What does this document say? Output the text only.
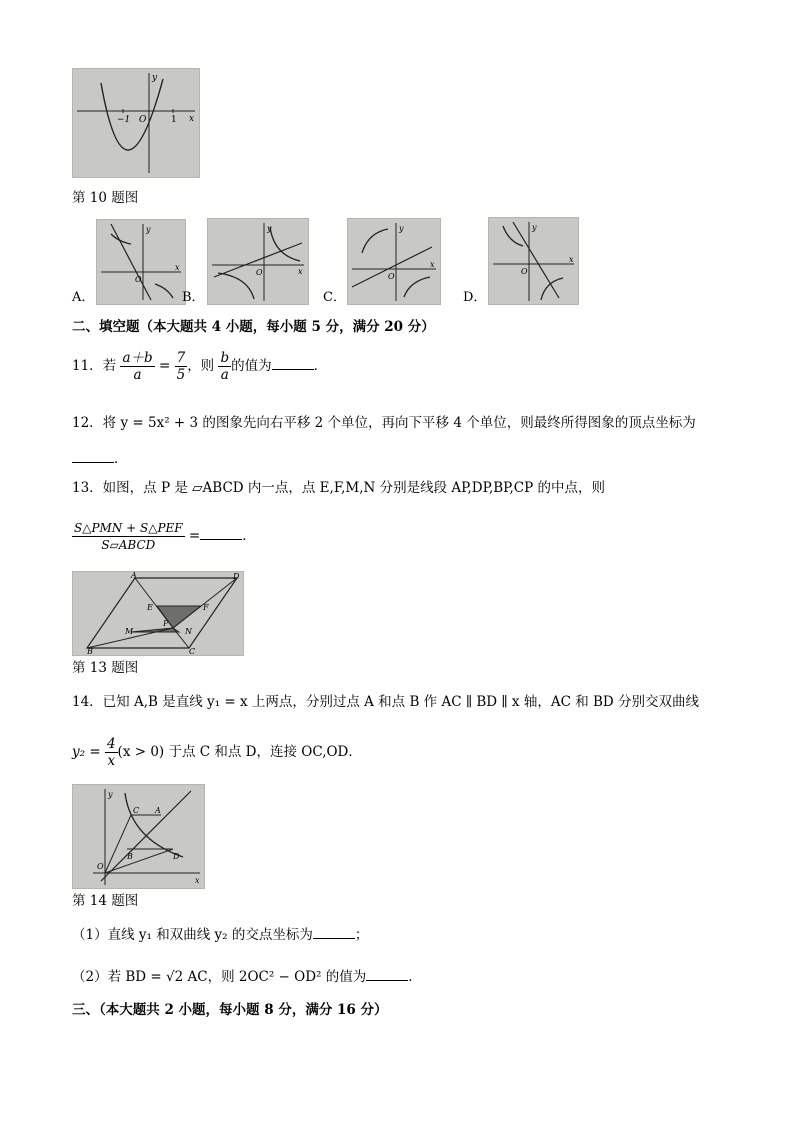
−1 O	1 x
y
第 10 题图
A．
O
x
y
B．
O	x
y
C．
O
x
y
D．
O
x
y
二、填空题（本大题共 4 小题，每小题 5 分，满分 20 分）
11．若 $\frac{a+b}{a} = \frac{7}{5}$ ，则 $\frac{b}{a}$ 的值为	．
12．将 y = 5x² + 3 的图象先向右平移 2 个单位，再向下平移 4 个单位，则最终所得图象的顶点坐标为
．
13．如图，点 P 是 ▱ABCD 内一点，点 E,F,M,N 分别是线段 AP,DP,BP,CP 的中点，则
$\frac{\text{S△PMN + S△PEF}}{\text{S▱ABCD}}$ =	．
A	D
B	C
E	F
M	N
P
第 13 题图
14．已知 A,B 是直线 y₁ = x 上两点，分别过点 A 和点 B 作 AC ∥ BD ∥ x 轴，AC 和 BD 分别交双曲线
$y_2 = \frac{4}{x} (x > 0)$ 于点 C 和点 D，连接 OC,OD．
O
x
y
C A
B	D
第 14 题图
（1）直线 y₁ 和双曲线 y₂ 的交点坐标为	；
（2）若 BD = √2 AC，则 2OC² − OD² 的值为	．
三、（本大题共 2 小题，每小题 8 分，满分 16 分）
